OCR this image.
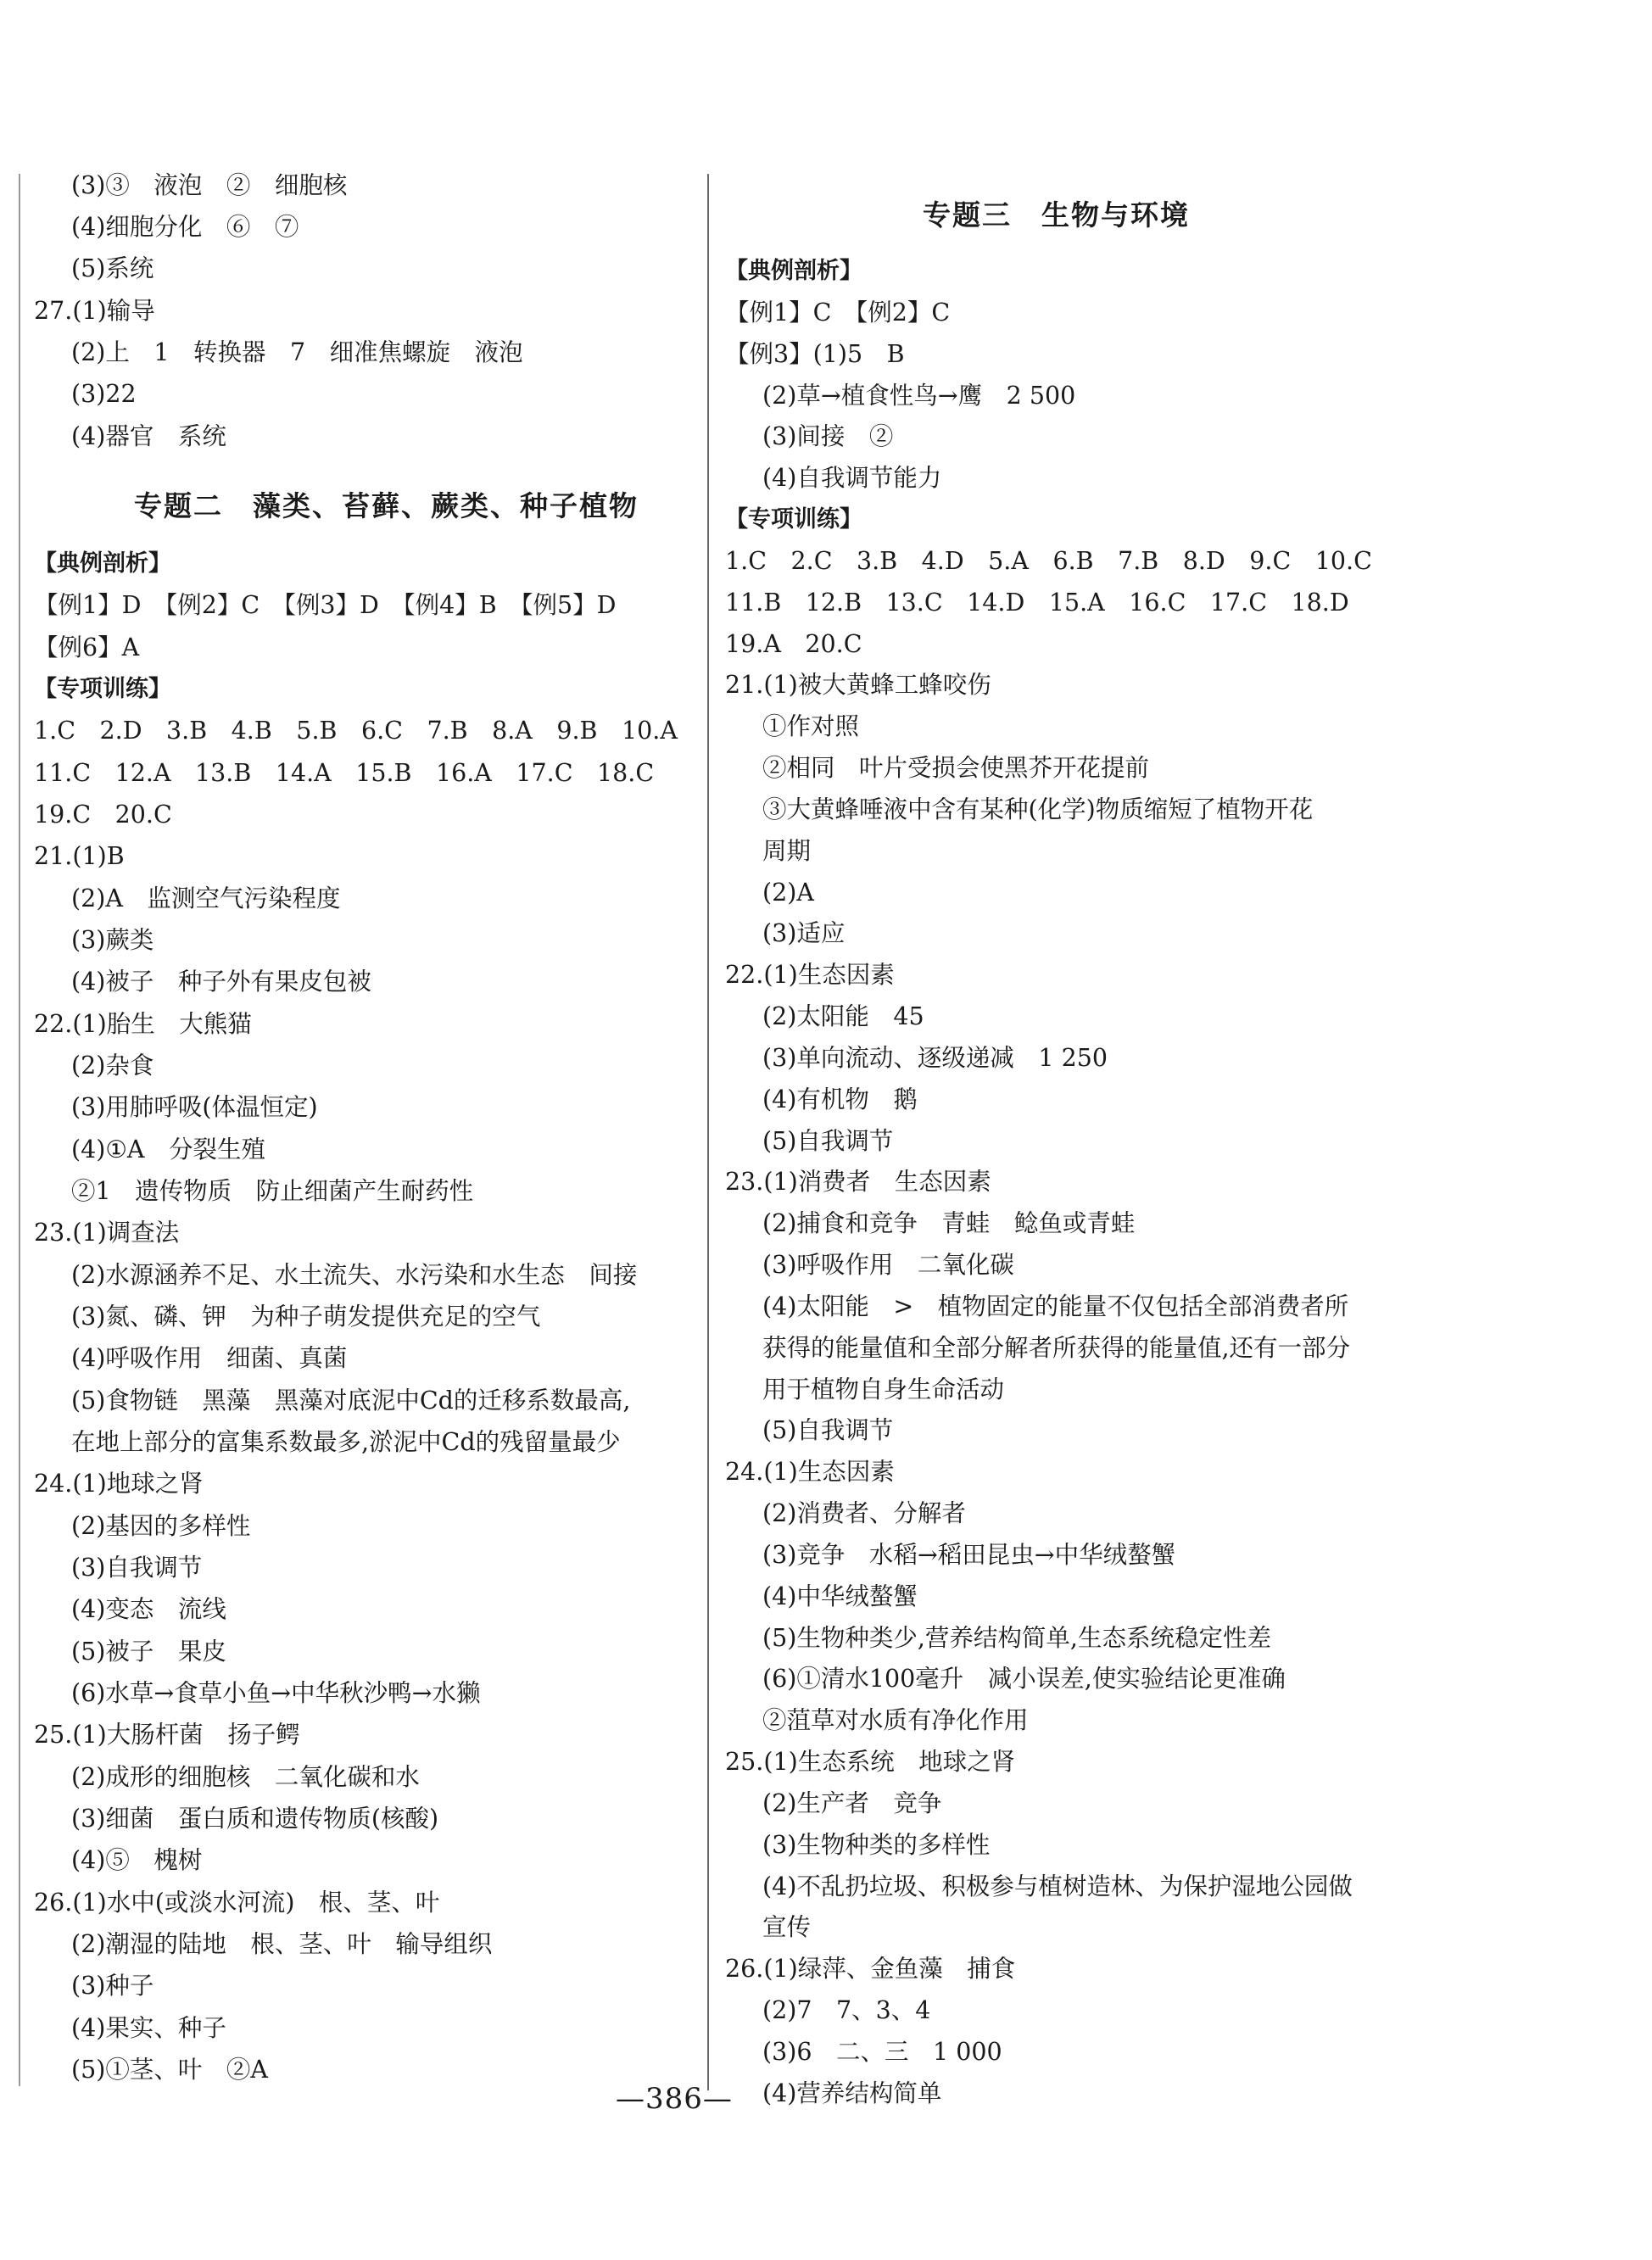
(3)③　液泡　②　细胞核
(4)细胞分化　⑥　⑦
(5)系统
27.(1)输导
(2)上　1　转换器　7　细准焦螺旋　液泡
(3)22
(4)器官　系统
专题二　藻类、苔藓、蕨类、种子植物
【典例剖析】
【例1】D　【例2】C　【例3】D　【例4】B　【例5】D
【例6】A
【专项训练】
1.C　2.D　3.B　4.B　5.B　6.C　7.B　8.A　9.B　10.A
11.C　12.A　13.B　14.A　15.B　16.A　17.C　18.C
19.C　20.C
21.(1)B
(2)A　监测空气污染程度
(3)蕨类
(4)被子　种子外有果皮包被
22.(1)胎生　大熊猫
(2)杂食
(3)用肺呼吸(体温恒定)
(4)①A　分裂生殖
②1　遗传物质　防止细菌产生耐药性
23.(1)调查法
(2)水源涵养不足、水土流失、水污染和水生态　间接
(3)氮、磷、钾　为种子萌发提供充足的空气
(4)呼吸作用　细菌、真菌
(5)食物链　黑藻　黑藻对底泥中Cd的迁移系数最高,
在地上部分的富集系数最多,淤泥中Cd的残留量最少
24.(1)地球之肾
(2)基因的多样性
(3)自我调节
(4)变态　流线
(5)被子　果皮
(6)水草→食草小鱼→中华秋沙鸭→水獭
25.(1)大肠杆菌　扬子鳄
(2)成形的细胞核　二氧化碳和水
(3)细菌　蛋白质和遗传物质(核酸)
(4)⑤　槐树
26.(1)水中(或淡水河流)　根、茎、叶
(2)潮湿的陆地　根、茎、叶　输导组织
(3)种子
(4)果实、种子
(5)①茎、叶　②A
专题三　生物与环境
【典例剖析】
【例1】C　【例2】C
【例3】(1)5　B
(2)草→植食性鸟→鹰　2 500
(3)间接　②
(4)自我调节能力
【专项训练】
1.C　2.C　3.B　4.D　5.A　6.B　7.B　8.D　9.C　10.C
11.B　12.B　13.C　14.D　15.A　16.C　17.C　18.D
19.A　20.C
21.(1)被大黄蜂工蜂咬伤
①作对照
②相同　叶片受损会使黑芥开花提前
③大黄蜂唾液中含有某种(化学)物质缩短了植物开花
周期
(2)A
(3)适应
22.(1)生态因素
(2)太阳能　45
(3)单向流动、逐级递减　1 250
(4)有机物　鹅
(5)自我调节
23.(1)消费者　生态因素
(2)捕食和竞争　青蛙　鲶鱼或青蛙
(3)呼吸作用　二氧化碳
(4)太阳能　>　植物固定的能量不仅包括全部消费者所
获得的能量值和全部分解者所获得的能量值,还有一部分
用于植物自身生命活动
(5)自我调节
24.(1)生态因素
(2)消费者、分解者
(3)竞争　水稻→稻田昆虫→中华绒螯蟹
(4)中华绒螯蟹
(5)生物种类少,营养结构简单,生态系统稳定性差
(6)①清水100毫升　减小误差,使实验结论更准确
②菹草对水质有净化作用
25.(1)生态系统　地球之肾
(2)生产者　竞争
(3)生物种类的多样性
(4)不乱扔垃圾、积极参与植树造林、为保护湿地公园做
宣传
26.(1)绿萍、金鱼藻　捕食
(2)7　7、3、4
(3)6　二、三　1 000
(4)营养结构简单
—386—
